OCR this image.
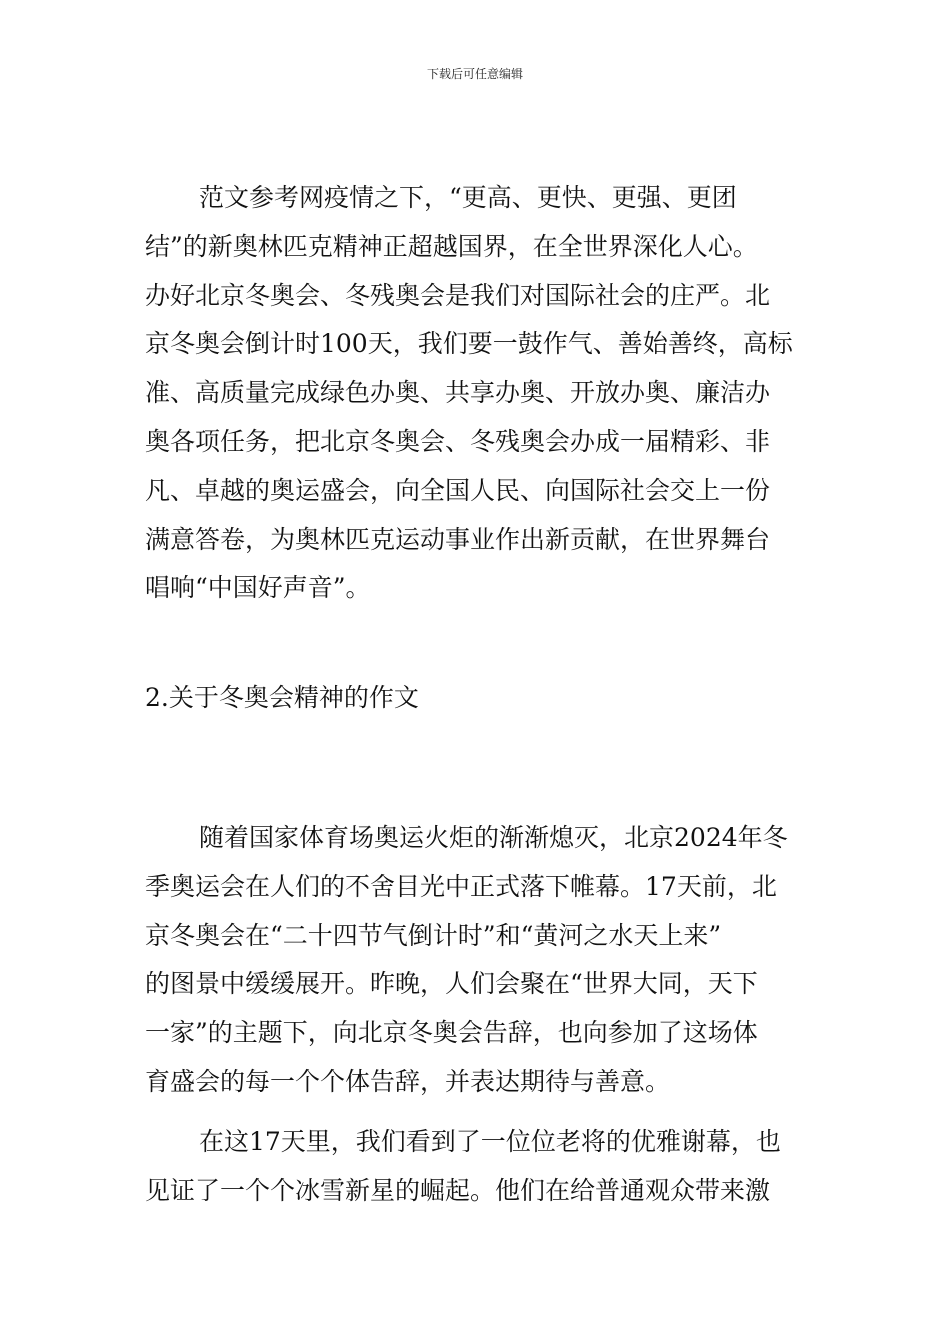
下载后可任意编辑

范文参考网疫情之下，“更高、更快、更强、更团
结”的新奥林匹克精神正超越国界，在全世界深化人心。
办好北京冬奥会、冬残奥会是我们对国际社会的庄严。北
京冬奥会倒计时100天，我们要一鼓作气、善始善终，高标
准、高质量完成绿色办奥、共享办奥、开放办奥、廉洁办
奥各项任务，把北京冬奥会、冬残奥会办成一届精彩、非
凡、卓越的奥运盛会，向全国人民、向国际社会交上一份
满意答卷，为奥林匹克运动事业作出新贡献，在世界舞台
唱响“中国好声音”。

2.关于冬奥会精神的作文

随着国家体育场奥运火炬的渐渐熄灭，北京2024年冬
季奥运会在人们的不舍目光中正式落下帷幕。17天前，北
京冬奥会在“二十四节气倒计时”和“黄河之水天上来”
的图景中缓缓展开。昨晚，人们会聚在“世界大同，天下
一家”的主题下，向北京冬奥会告辞，也向参加了这场体
育盛会的每一个个体告辞，并表达期待与善意。

在这17天里，我们看到了一位位老将的优雅谢幕，也
见证了一个个冰雪新星的崛起。他们在给普通观众带来激
